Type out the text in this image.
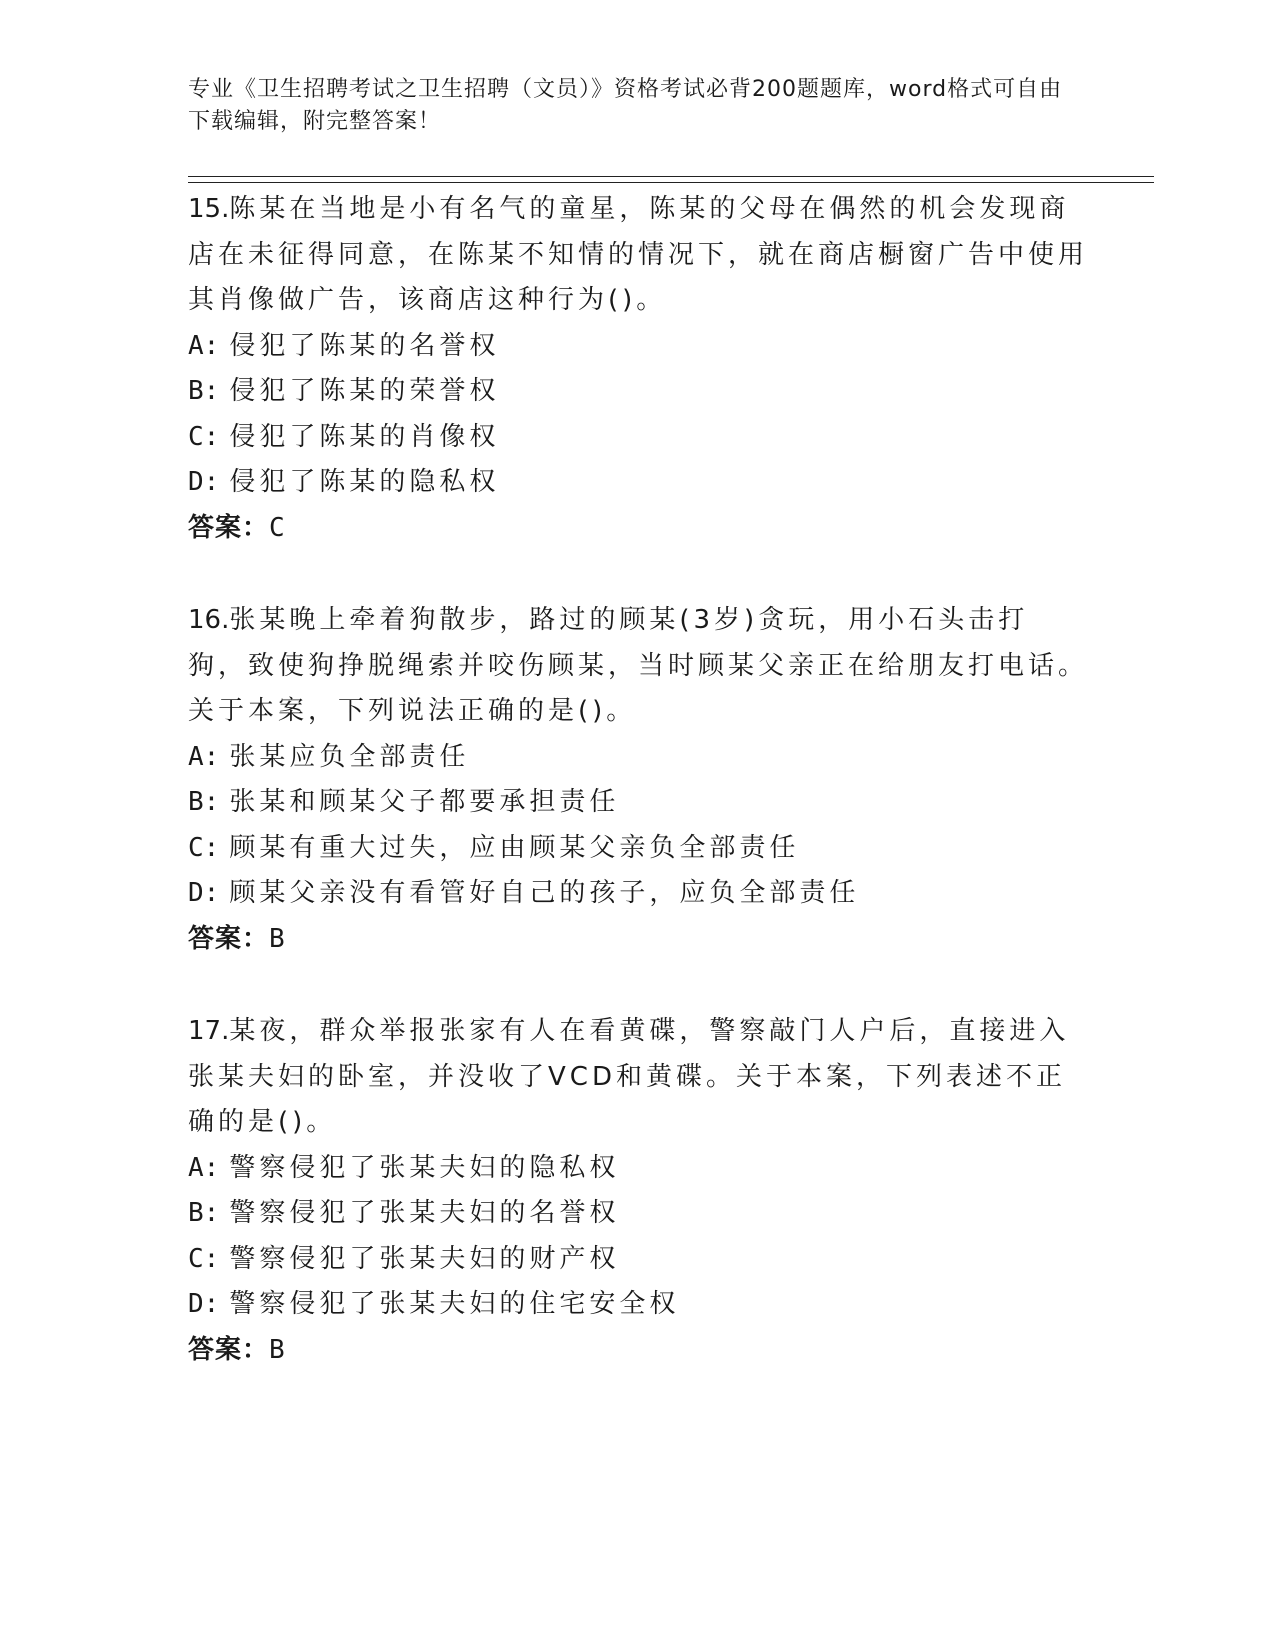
专业《卫生招聘考试之卫生招聘（文员）》资格考试必背200题题库，word格式可自由下载编辑，附完整答案！
15.陈某在当地是小有名气的童星，陈某的父母在偶然的机会发现商店在未征得同意，在陈某不知情的情况下，就在商店橱窗广告中使用其肖像做广告，该商店这种行为()。
A: 侵犯了陈某的名誉权
B: 侵犯了陈某的荣誉权
C: 侵犯了陈某的肖像权
D: 侵犯了陈某的隐私权
答案：C
16.张某晚上牵着狗散步，路过的顾某(3岁)贪玩，用小石头击打狗，致使狗挣脱绳索并咬伤顾某，当时顾某父亲正在给朋友打电话。关于本案，下列说法正确的是()。
A: 张某应负全部责任
B: 张某和顾某父子都要承担责任
C: 顾某有重大过失，应由顾某父亲负全部责任
D: 顾某父亲没有看管好自己的孩子，应负全部责任
答案：B
17.某夜，群众举报张家有人在看黄碟，警察敲门人户后，直接进入张某夫妇的卧室，并没收了VCD和黄碟。关于本案，下列表述不正确的是()。
A: 警察侵犯了张某夫妇的隐私权
B: 警察侵犯了张某夫妇的名誉权
C: 警察侵犯了张某夫妇的财产权
D: 警察侵犯了张某夫妇的住宅安全权
答案：B
